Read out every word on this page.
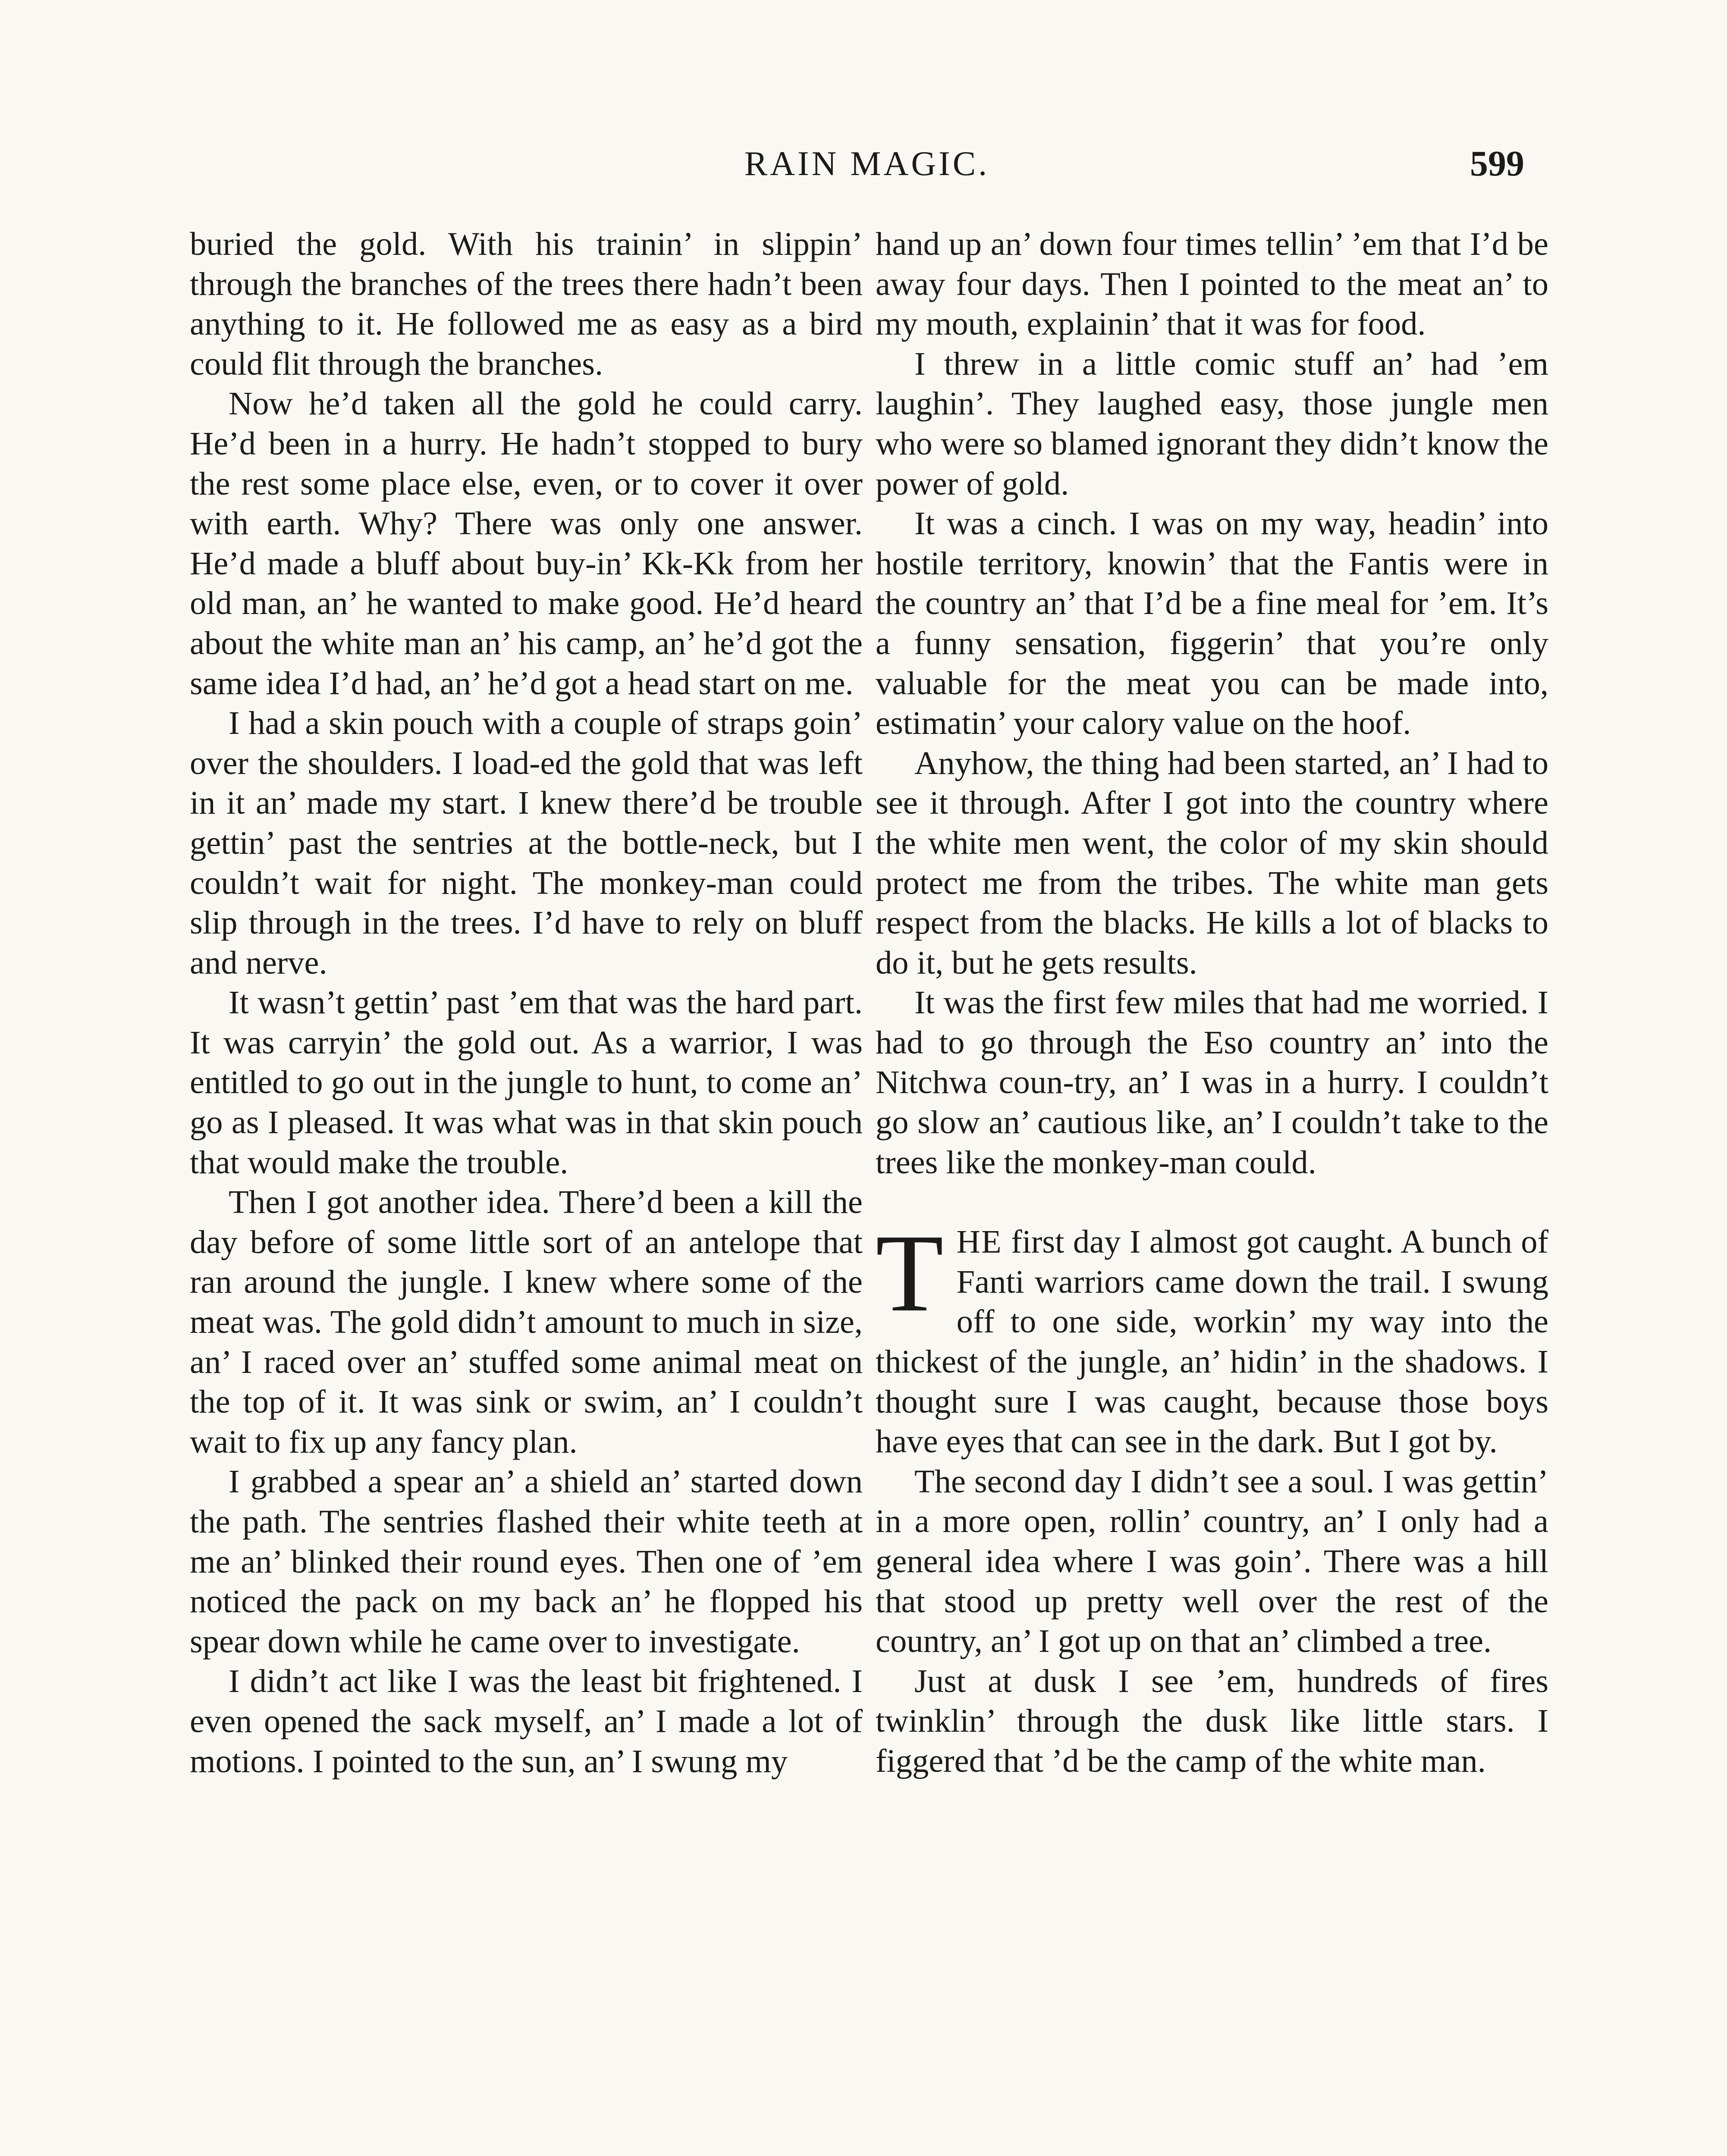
RAIN MAGIC.	599

buried the gold. With his trainin’ in slippin’ through the branches of the trees there hadn’t been anything to it. He followed me as easy as a bird could flit through the branches.

Now he’d taken all the gold he could carry. He’d been in a hurry. He hadn’t stopped to bury the rest some place else, even, or to cover it over with earth. Why? There was only one answer. He’d made a bluff about buy-in’ Kk-Kk from her old man, an’ he wanted to make good. He’d heard about the white man an’ his camp, an’ he’d got the same idea I’d had, an’ he’d got a head start on me.

I had a skin pouch with a couple of straps goin’ over the shoulders. I load-ed the gold that was left in it an’ made my start. I knew there’d be trouble gettin’ past the sentries at the bottle-neck, but I couldn’t wait for night. The monkey-man could slip through in the trees. I’d have to rely on bluff and nerve.

It wasn’t gettin’ past ’em that was the hard part. It was carryin’ the gold out. As a warrior, I was entitled to go out in the jungle to hunt, to come an’ go as I pleased. It was what was in that skin pouch that would make the trouble.

Then I got another idea. There’d been a kill the day before of some little sort of an antelope that ran around the jungle. I knew where some of the meat was. The gold didn’t amount to much in size, an’ I raced over an’ stuffed some animal meat on the top of it. It was sink or swim, an’ I couldn’t wait to fix up any fancy plan.

I grabbed a spear an’ a shield an’ started down the path. The sentries flashed their white teeth at me an’ blinked their round eyes. Then one of ’em noticed the pack on my back an’ he flopped his spear down while he came over to investigate.

I didn’t act like I was the least bit frightened. I even opened the sack myself, an’ I made a lot of motions. I pointed to the sun, an’ I swung my

hand up an’ down four times tellin’ ’em that I’d be away four days. Then I pointed to the meat an’ to my mouth, explainin’ that it was for food.

I threw in a little comic stuff an’ had ’em laughin’. They laughed easy, those jungle men who were so blamed ignorant they didn’t know the power of gold.

It was a cinch. I was on my way, headin’ into hostile territory, knowin’ that the Fantis were in the country an’ that I’d be a fine meal for ’em. It’s a funny sensation, figgerin’ that you’re only valuable for the meat you can be made into, estimatin’ your calory value on the hoof.

Anyhow, the thing had been started, an’ I had to see it through. After I got into the country where the white men went, the color of my skin should protect me from the tribes. The white man gets respect from the blacks. He kills a lot of blacks to do it, but he gets results.

It was the first few miles that had me worried. I had to go through the Eso country an’ into the Nitchwa coun-try, an’ I was in a hurry. I couldn’t go slow an’ cautious like, an’ I couldn’t take to the trees like the monkey-man could.

THE first day I almost got caught. A bunch of Fanti warriors came down the trail. I swung off to one side, workin’ my way into the thickest of the jungle, an’ hidin’ in the shadows. I thought sure I was caught, because those boys have eyes that can see in the dark. But I got by.

The second day I didn’t see a soul. I was gettin’ in a more open, rollin’ country, an’ I only had a general idea where I was goin’. There was a hill that stood up pretty well over the rest of the country, an’ I got up on that an’ climbed a tree.

Just at dusk I see ’em, hundreds of fires twinklin’ through the dusk like little stars. I figgered that ’d be the camp of the white man.
